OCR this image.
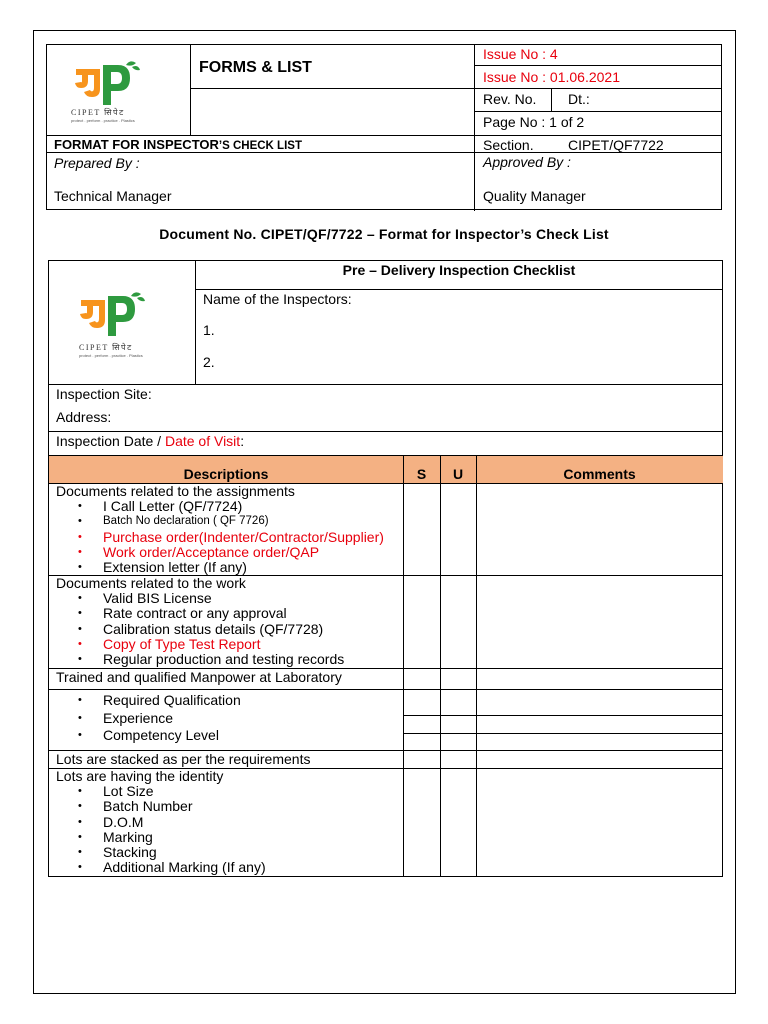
CIPET सिपेट
protect . perform . practice . Plastics
FORMS & LIST
Issue No : 4
Issue No : 01.06.2021
Rev. No. Dt.:
Page No : 1 of 2
FORMAT FOR INSPECTOR’S CHECK LIST	Section. CIPET/QF7722
Prepared By :
Technical Manager
Approved By :
Quality Manager
Document No. CIPET/QF/7722 – Format for Inspector’s Check List
CIPET सिपेट
protect . perform . practice . Plastics
Pre – Delivery Inspection Checklist
Name of the Inspectors:
1.
2.
Inspection Site:
Address:
Inspection Date / Date of Visit:
Descriptions	S	U	Comments
Documents related to the assignments
• I Call Letter (QF/7724)
• Batch No declaration ( QF 7726)
• Purchase order(Indenter/Contractor/Supplier)
• Work order/Acceptance order/QAP
• Extension letter (If any)
Documents related to the work
• Valid BIS License
• Rate contract or any approval
• Calibration status details (QF/7728)
• Copy of Type Test Report
• Regular production and testing records
Trained and qualified Manpower at Laboratory
• Required Qualification
• Experience
• Competency Level
Lots are stacked as per the requirements
Lots are having the identity
• Lot Size
• Batch Number
• D.O.M
• Marking
• Stacking
• Additional Marking (If any)
